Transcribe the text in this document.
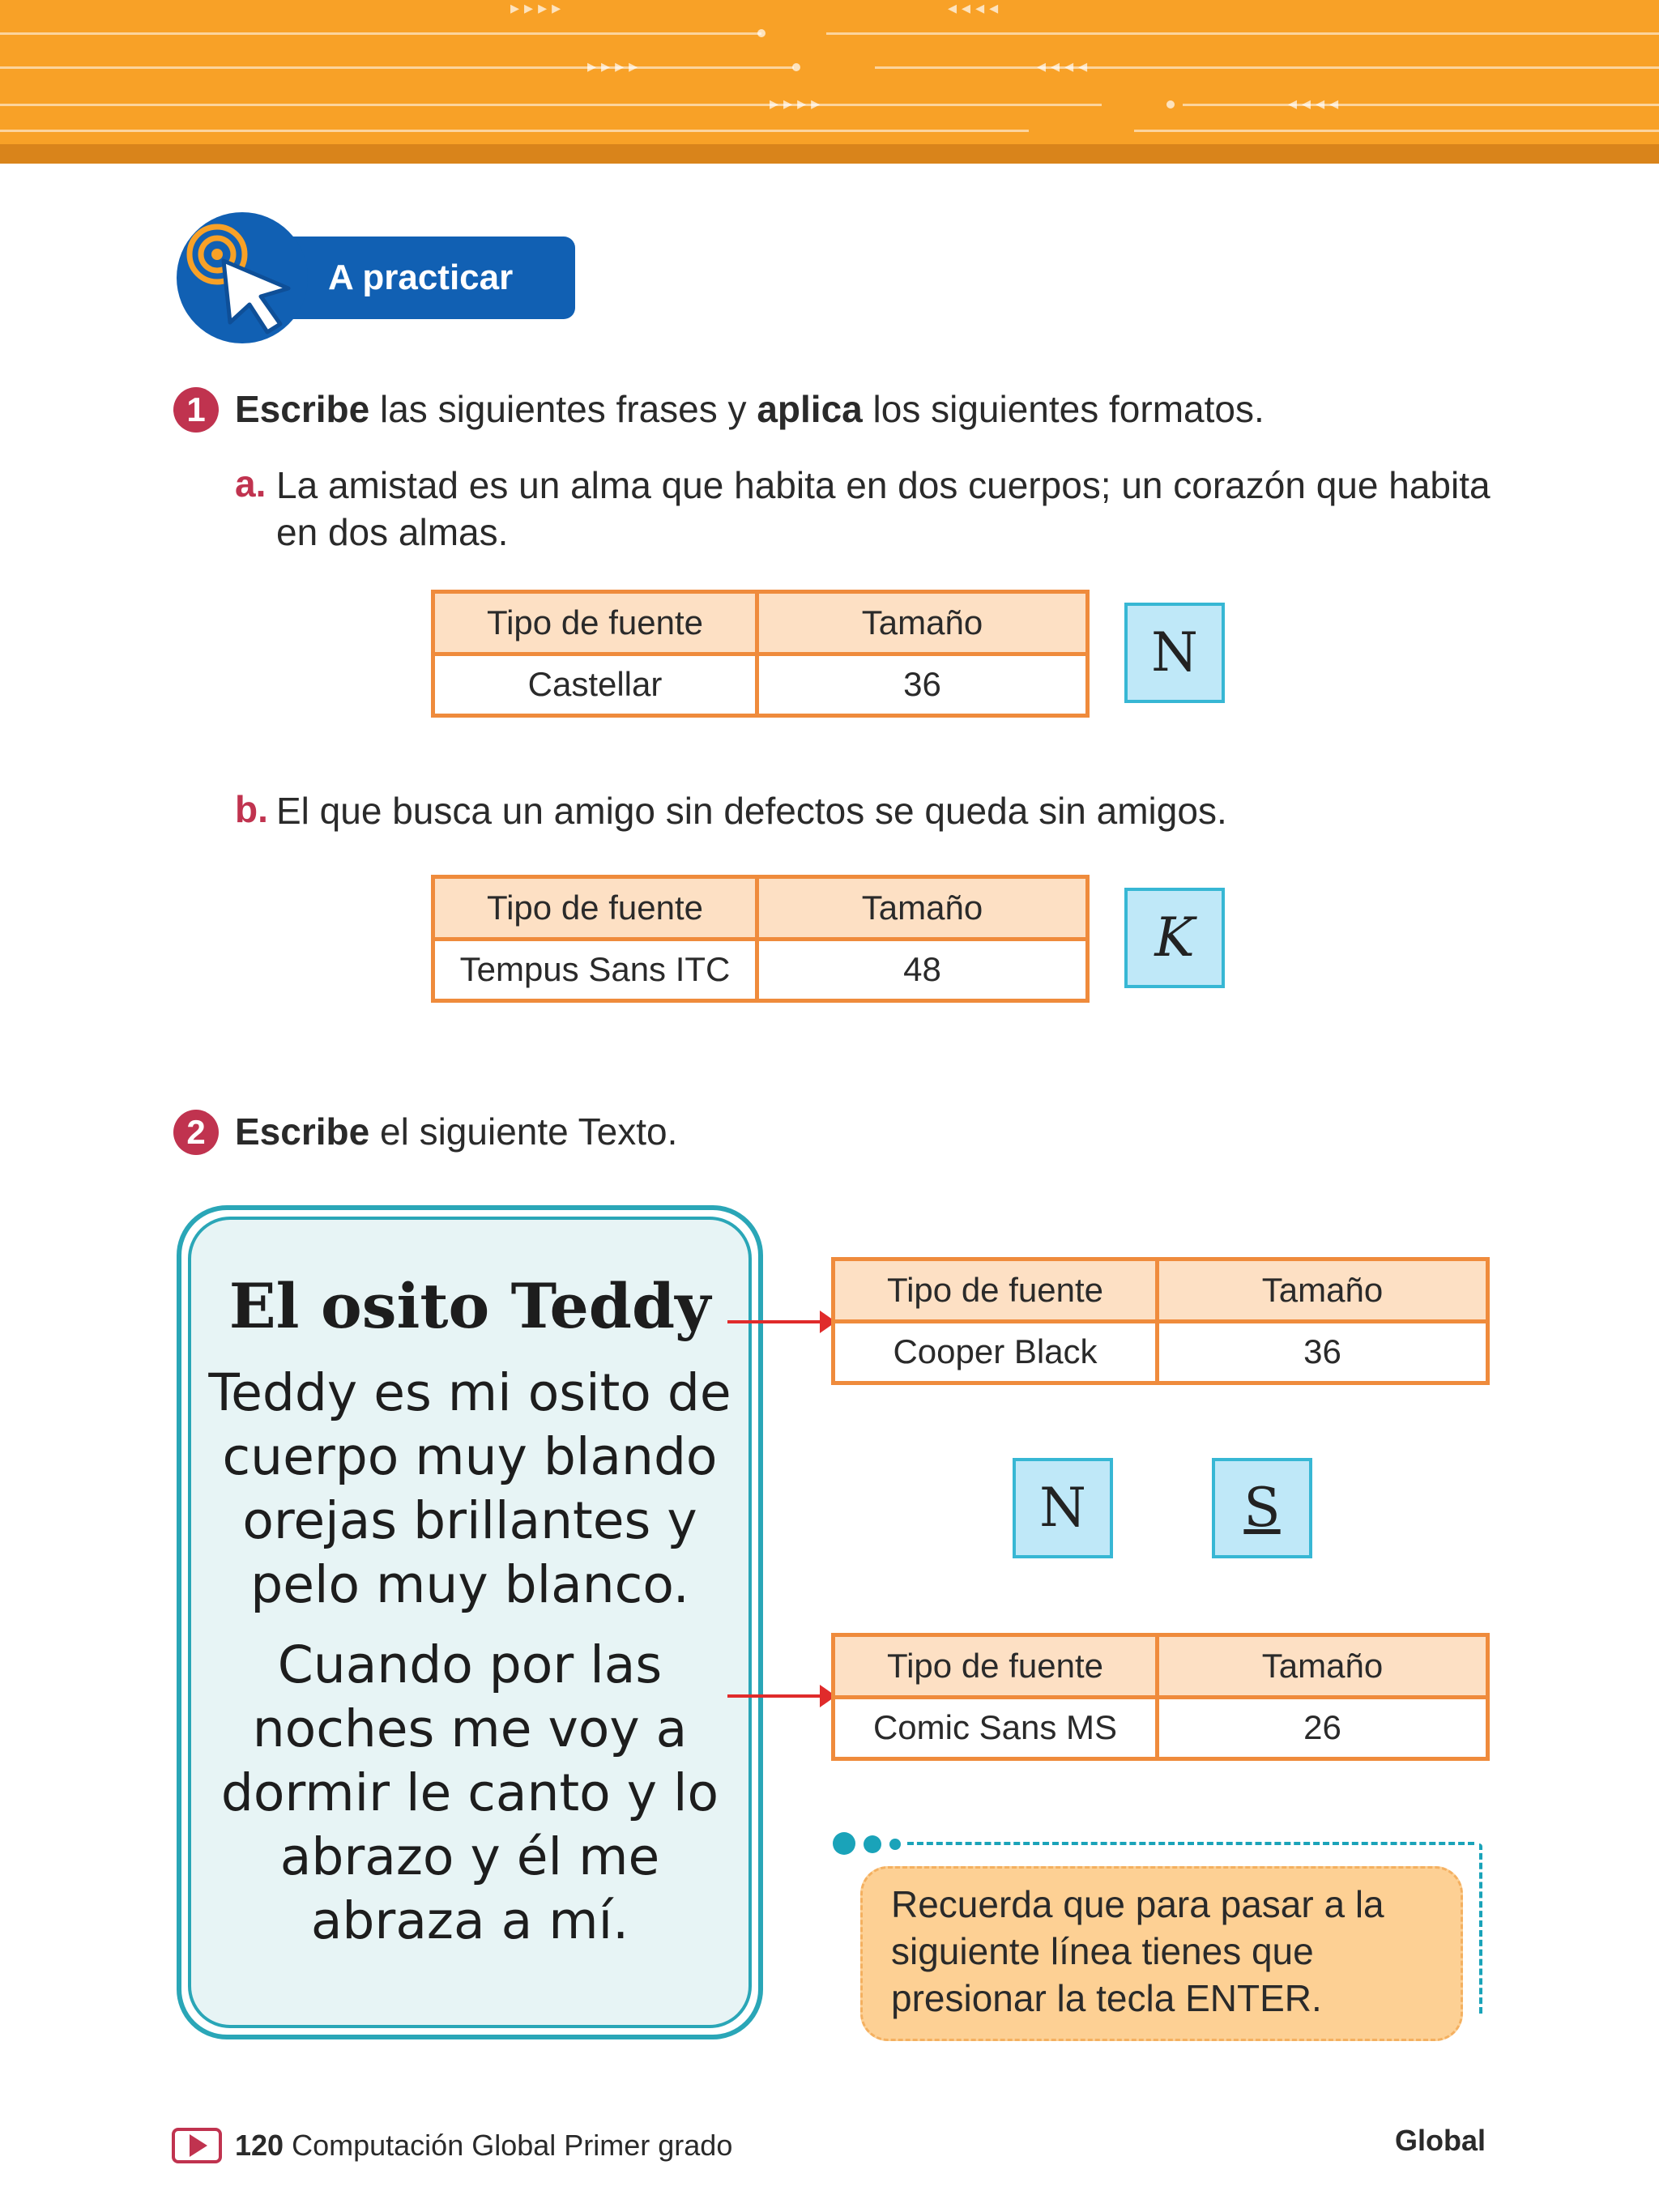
▸▸▸▸	◂◂◂◂
▸▸▸▸	◂◂◂◂
▸▸▸▸	◂◂◂◂
A practicar
1 Escribe las siguientes frases y aplica los siguientes formatos.
a. La amistad es un alma que habita en dos cuerpos; un corazón que habita en dos almas.
Tipo de fuente	Tamaño
Castellar	36
N
b. El que busca un amigo sin defectos se queda sin amigos.
Tipo de fuente	Tamaño
Tempus Sans ITC	48
K
2 Escribe el siguiente Texto.
El osito Teddy
Teddy es mi osito de cuerpo muy blando orejas brillantes y pelo muy blanco.
Cuando por las noches me voy a dormir le canto y lo abrazo y él me abraza a mí.
Tipo de fuente	Tamaño
Cooper Black	36
N	S
Tipo de fuente	Tamaño
Comic Sans MS	26
Recuerda que para pasar a la siguiente línea tienes que presionar la tecla ENTER.
120 Computación Global Primer grado	Global
